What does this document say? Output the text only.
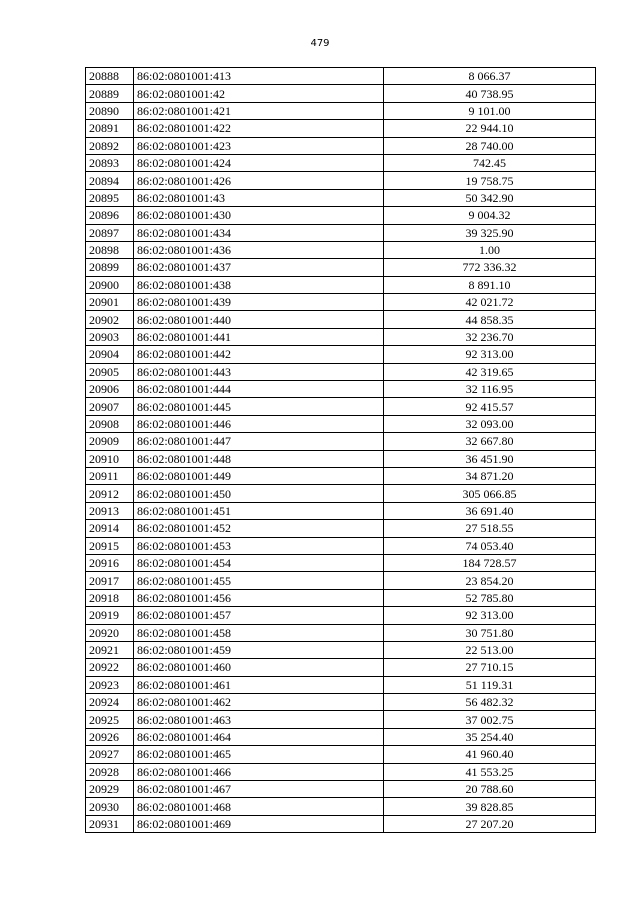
479
20888	86:02:0801001:413	8 066.37
20889	86:02:0801001:42	40 738.95
20890	86:02:0801001:421	9 101.00
20891	86:02:0801001:422	22 944.10
20892	86:02:0801001:423	28 740.00
20893	86:02:0801001:424	742.45
20894	86:02:0801001:426	19 758.75
20895	86:02:0801001:43	50 342.90
20896	86:02:0801001:430	9 004.32
20897	86:02:0801001:434	39 325.90
20898	86:02:0801001:436	1.00
20899	86:02:0801001:437	772 336.32
20900	86:02:0801001:438	8 891.10
20901	86:02:0801001:439	42 021.72
20902	86:02:0801001:440	44 858.35
20903	86:02:0801001:441	32 236.70
20904	86:02:0801001:442	92 313.00
20905	86:02:0801001:443	42 319.65
20906	86:02:0801001:444	32 116.95
20907	86:02:0801001:445	92 415.57
20908	86:02:0801001:446	32 093.00
20909	86:02:0801001:447	32 667.80
20910	86:02:0801001:448	36 451.90
20911	86:02:0801001:449	34 871.20
20912	86:02:0801001:450	305 066.85
20913	86:02:0801001:451	36 691.40
20914	86:02:0801001:452	27 518.55
20915	86:02:0801001:453	74 053.40
20916	86:02:0801001:454	184 728.57
20917	86:02:0801001:455	23 854.20
20918	86:02:0801001:456	52 785.80
20919	86:02:0801001:457	92 313.00
20920	86:02:0801001:458	30 751.80
20921	86:02:0801001:459	22 513.00
20922	86:02:0801001:460	27 710.15
20923	86:02:0801001:461	51 119.31
20924	86:02:0801001:462	56 482.32
20925	86:02:0801001:463	37 002.75
20926	86:02:0801001:464	35 254.40
20927	86:02:0801001:465	41 960.40
20928	86:02:0801001:466	41 553.25
20929	86:02:0801001:467	20 788.60
20930	86:02:0801001:468	39 828.85
20931	86:02:0801001:469	27 207.20
